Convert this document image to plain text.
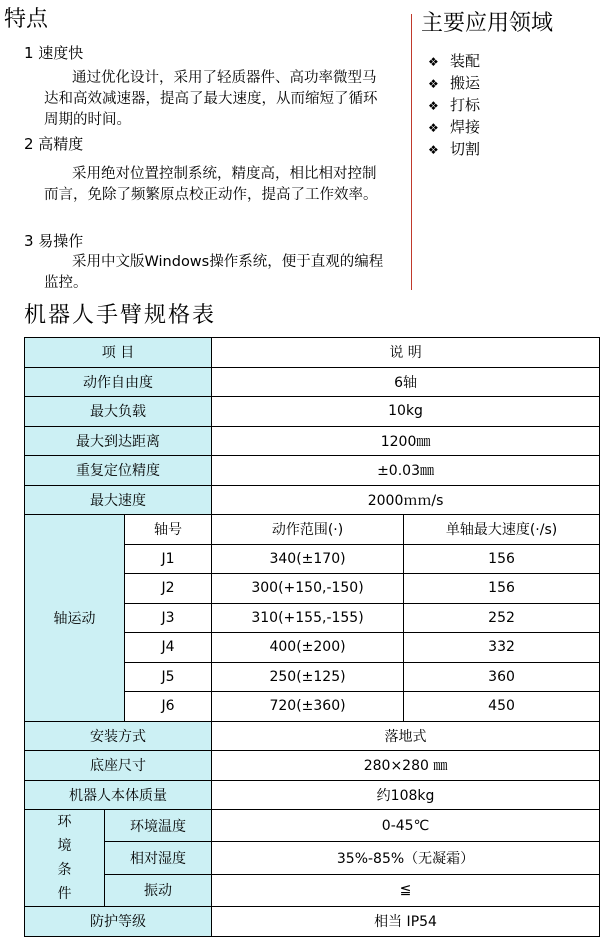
特点
1 速度快
通过优化设计，采用了轻质器件、高功率微型马达和高效减速器，提高了最大速度，从而缩短了循环周期的时间。
2 高精度
采用绝对位置控制系统，精度高，相比相对控制而言，免除了频繁原点校正动作，提高了工作效率。
3 易操作
采用中文版Windows操作系统，便于直观的编程监控。
主要应用领域
❖ 装配
❖ 搬运
❖ 打标
❖ 焊接
❖ 切割
机器人手臂规格表
项 目			说 明	
动作自由度			6轴	
最大负载			10kg	
最大到达距离			1200㎜	
重复定位精度			±0.03㎜	
最大速度			2000ｍｍ/s	
轴运动		轴号	动作范围(·)	单轴最大速度(·/s)
		J1	340(±170)	156
		J2	300(+150,-150)	156
		J3	310(+155,-155)	252
		J4	400(±200)	332
		J5	250(±125)	360
		J6	720(±360)	450
安装方式			落地式	
底座尺寸			280×280 ㎜	
机器人本体质量			约108kg	

环
境
条
件	环境温度		0-45℃	
	相对湿度		35%-85%（无凝霜）	
	振动		≦	
防护等级			相当 IP54	
